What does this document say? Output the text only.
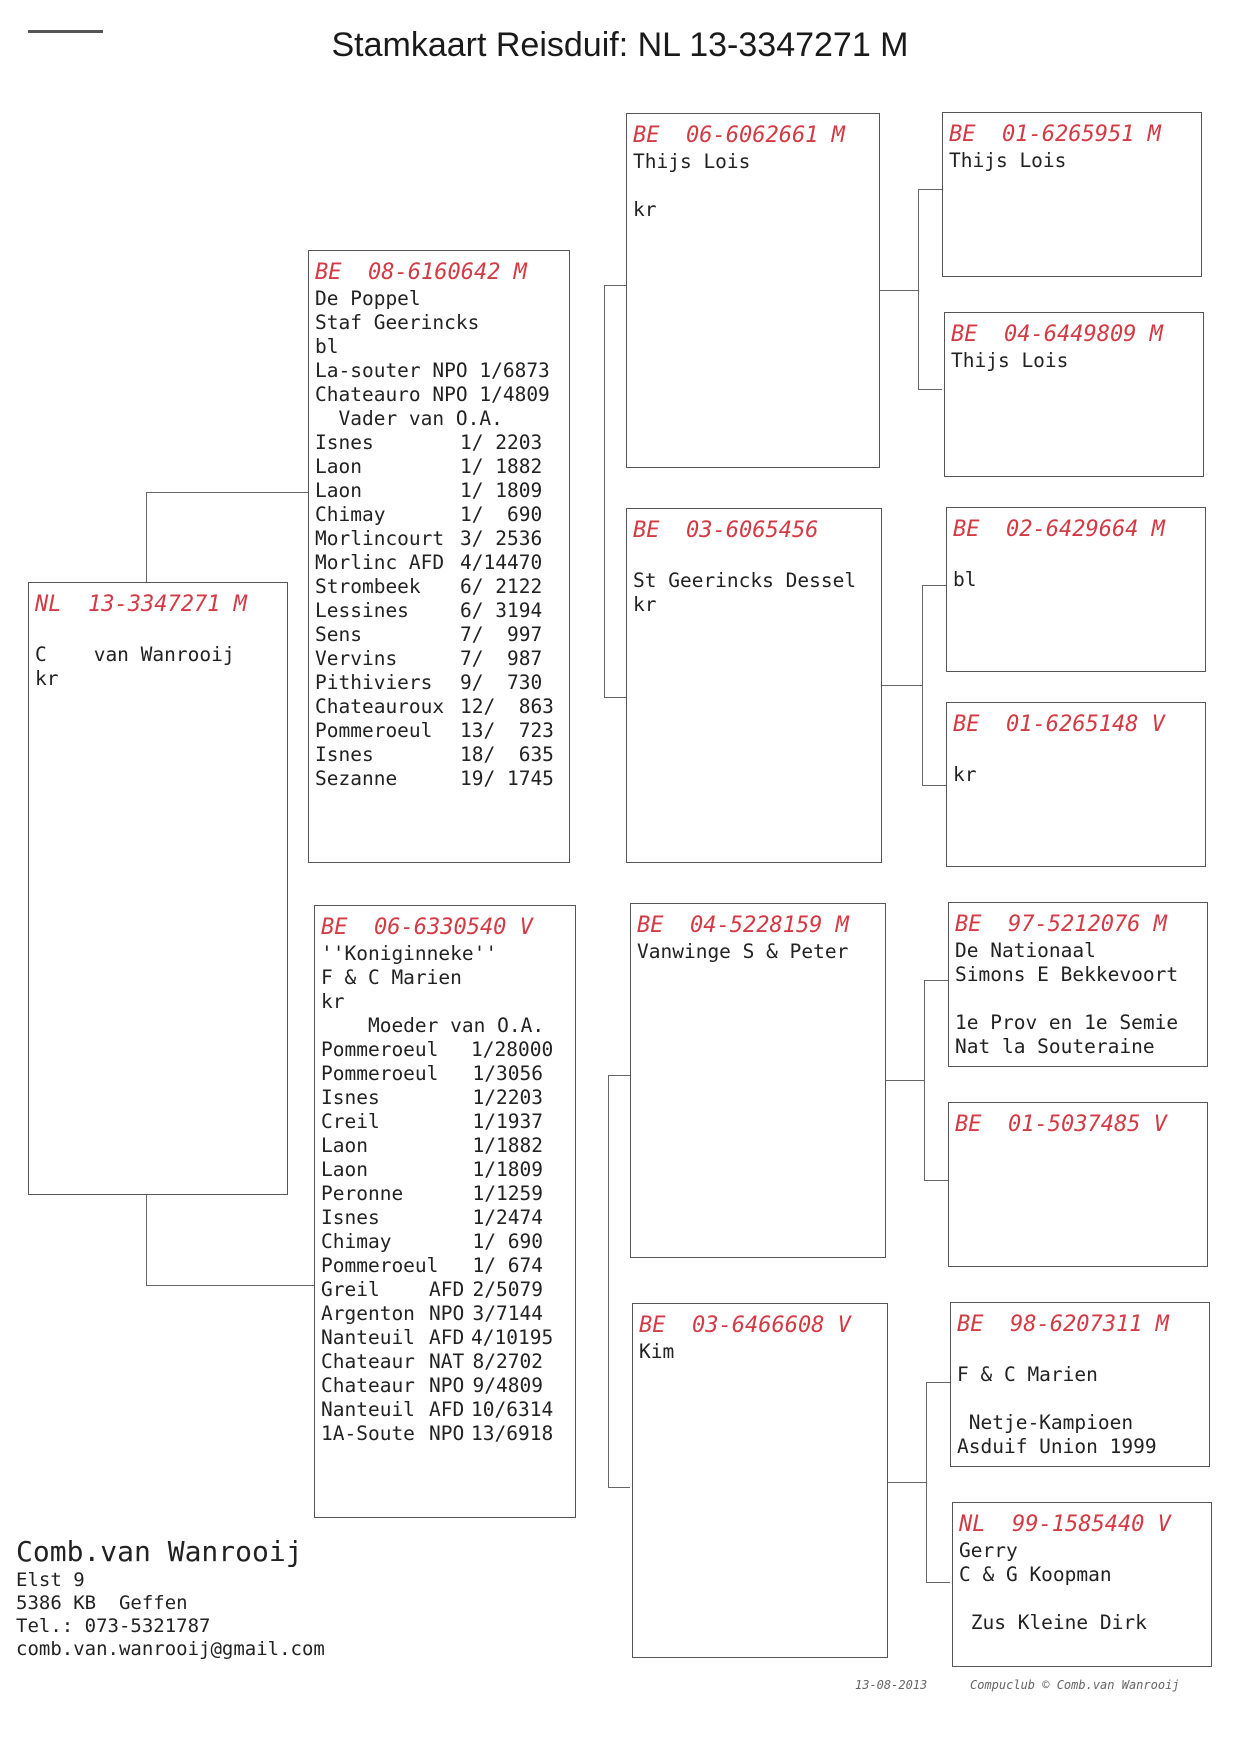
Stamkaart Reisduif: NL 13-3347271 M
NL  13-3347271 M

C    van Wanrooij
kr
BE  08-6160642 M
De Poppel
Staf Geerincks
bl
La-souter NPO 1/6873
Chateauro NPO 1/4809
Vader van O.A.
Isnes	1/ 2203
Laon	1/ 1882
Laon	1/ 1809
Chimay	1/  690
Morlincourt 3/ 2536
Morlinc AFD 4/14470
Strombeek	6/ 2122
Lessines	6/ 3194
Sens	7/  997
Vervins	7/  987
Pithiviers	9/  730
Chateauroux 12/  863
Pommeroeul	13/  723
Isnes	18/  635
Sezanne	19/ 1745
BE  06-6330540 V
''Koniginneke''
F & C Marien
kr
Moeder van O.A.
Pommeroeul	1/28000
Pommeroeul	1/3056
Isnes	1/2203
Creil	1/1937
Laon	1/1882
Laon	1/1809
Peronne	1/1259
Isnes	1/2474
Chimay	1/ 690
Pommeroeul	1/ 674
Greil	AFD 2/5079
Argenton NPO 3/7144
Nanteuil AFD 4/10195
Chateaur NAT 8/2702
Chateaur NPO 9/4809
Nanteuil AFD 10/6314
1A-Soute NPO 13/6918
BE  06-6062661 M
Thijs Lois

kr
BE  03-6065456

St Geerincks Dessel
kr
BE  04-5228159 M
Vanwinge S & Peter
BE  03-6466608 V
Kim
BE  01-6265951 M
Thijs Lois
BE  04-6449809 M
Thijs Lois
BE  02-6429664 M

bl
BE  01-6265148 V

kr
BE  97-5212076 M
De Nationaal
Simons E Bekkevoort

1e Prov en 1e Semie
Nat la Souteraine
BE  01-5037485 V
BE  98-6207311 M

F & C Marien

Netje-Kampioen
Asduif Union 1999
NL  99-1585440 V
Gerry
C & G Koopman

Zus Kleine Dirk
Comb.van Wanrooij
Elst 9
5386 KB  Geffen
Tel.: 073-5321787
comb.van.wanrooij@gmail.com
13-08-2013	Compuclub © Comb.van Wanrooij
